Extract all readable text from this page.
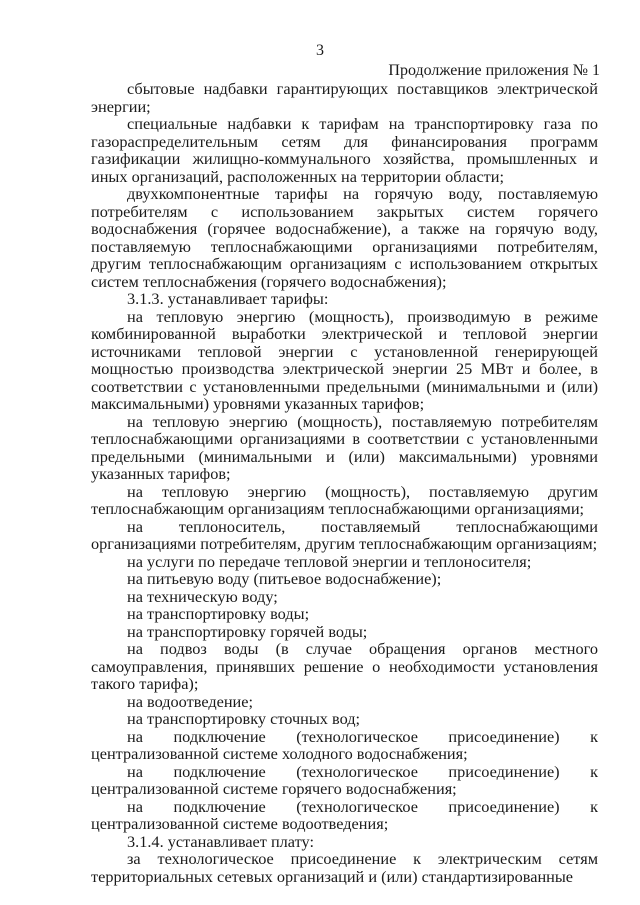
3
Продолжение приложения № 1

сбытовые надбавки гарантирующих поставщиков электрической энергии;

специальные надбавки к тарифам на транспортировку газа по газораспределительным сетям для финансирования программ газификации жилищно-коммунального хозяйства, промышленных и иных организаций, расположенных на территории области;

двухкомпонентные тарифы на горячую воду, поставляемую потребителям с использованием закрытых систем горячего водоснабжения (горячее водоснабжение), а также на горячую воду, поставляемую теплоснабжающими организациями потребителям, другим теплоснабжающим организациям с использованием открытых систем теплоснабжения (горячего водоснабжения);

3.1.3. устанавливает тарифы:

на тепловую энергию (мощность), производимую в режиме комбинированной выработки электрической и тепловой энергии источниками тепловой энергии с установленной генерирующей мощностью производства электрической энергии 25 МВт и более, в соответствии с установленными предельными (минимальными и (или) максимальными) уровнями указанных тарифов;

на тепловую энергию (мощность), поставляемую потребителям теплоснабжающими организациями в соответствии с установленными предельными (минимальными и (или) максимальными) уровнями указанных тарифов;

на тепловую энергию (мощность), поставляемую другим теплоснабжающим организациям теплоснабжающими организациями;

на теплоноситель, поставляемый теплоснабжающими организациями потребителям, другим теплоснабжающим организациям;

на услуги по передаче тепловой энергии и теплоносителя;

на питьевую воду (питьевое водоснабжение);

на техническую воду;

на транспортировку воды;

на транспортировку горячей воды;

на подвоз воды (в случае обращения органов местного самоуправления, принявших решение о необходимости установления такого тарифа);

на водоотведение;

на транспортировку сточных вод;

на подключение (технологическое присоединение) к централизованной системе холодного водоснабжения;

на подключение (технологическое присоединение) к централизованной системе горячего водоснабжения;

на подключение (технологическое присоединение) к централизованной системе водоотведения;

3.1.4. устанавливает плату:

за технологическое присоединение к электрическим сетям территориальных сетевых организаций и (или) стандартизированные
